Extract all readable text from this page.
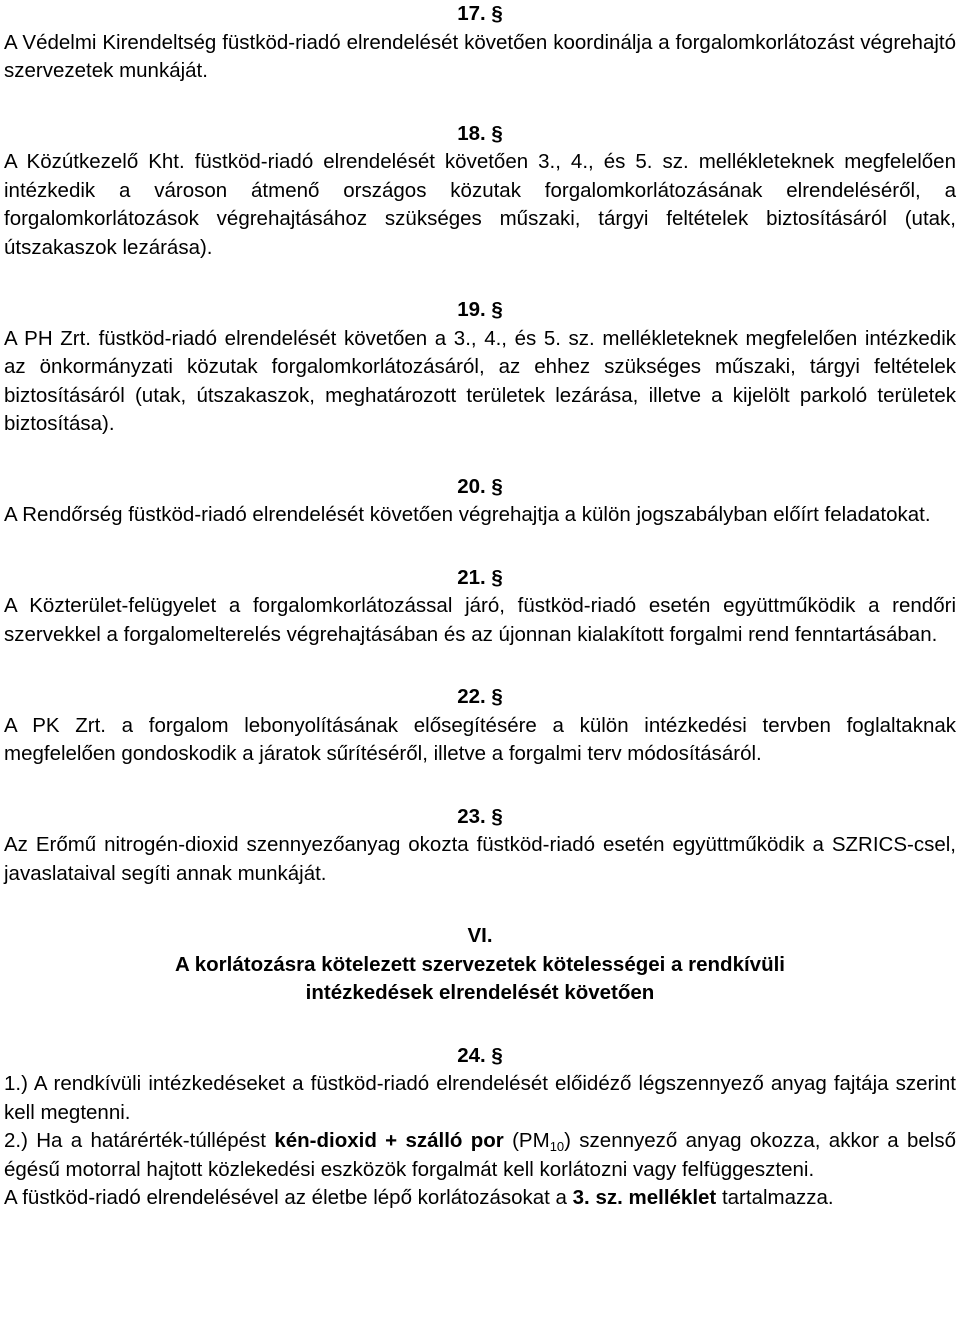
17. §

A Védelmi Kirendeltség füstköd-riadó elrendelését követően koordinálja a forgalomkorlátozást végrehajtó szervezetek munkáját.

18. §

A Közútkezelő Kht. füstköd-riadó elrendelését követően 3., 4., és 5. sz. mellékleteknek megfelelően intézkedik a városon átmenő országos közutak forgalomkorlátozásának elrendeléséről, a forgalomkorlátozások végrehajtásához szükséges műszaki, tárgyi feltételek biztosításáról (utak, útszakaszok lezárása).

19. §

A PH Zrt. füstköd-riadó elrendelését követően a 3., 4., és 5. sz. mellékleteknek megfelelően intézkedik az önkormányzati közutak forgalomkorlátozásáról, az ehhez szükséges műszaki, tárgyi feltételek biztosításáról (utak, útszakaszok, meghatározott területek lezárása, illetve a kijelölt parkoló területek biztosítása).

20. §

A Rendőrség füstköd-riadó elrendelését követően végrehajtja a külön jogszabályban előírt feladatokat.

21. §

A Közterület-felügyelet a forgalomkorlátozással járó, füstköd-riadó esetén együttműködik a rendőri szervekkel a forgalomelterelés végrehajtásában és az újonnan kialakított forgalmi rend fenntartásában.

22. §

A PK Zrt. a forgalom lebonyolításának elősegítésére a külön intézkedési tervben foglaltaknak megfelelően gondoskodik a járatok sűrítéséről, illetve a forgalmi terv módosításáról.

23. §

Az Erőmű nitrogén-dioxid szennyezőanyag okozta füstköd-riadó esetén együttműködik a SZRICS-csel, javaslataival segíti annak munkáját.

VI.

A korlátozásra kötelezett szervezetek kötelességei a rendkívüli

intézkedések elrendelését követően

24. §

1.) A rendkívüli intézkedéseket a füstköd-riadó elrendelését előidéző légszennyező anyag fajtája szerint kell megtenni.

2.) Ha a határérték-túllépést kén-dioxid + szálló por $(PM_{10})$ szennyező anyag okozza, akkor a belső égésű motorral hajtott közlekedési eszközök forgalmát kell korlátozni vagy felfüggeszteni.

A füstköd-riadó elrendelésével az életbe lépő korlátozásokat a 3. sz. melléklet tartalmazza.
